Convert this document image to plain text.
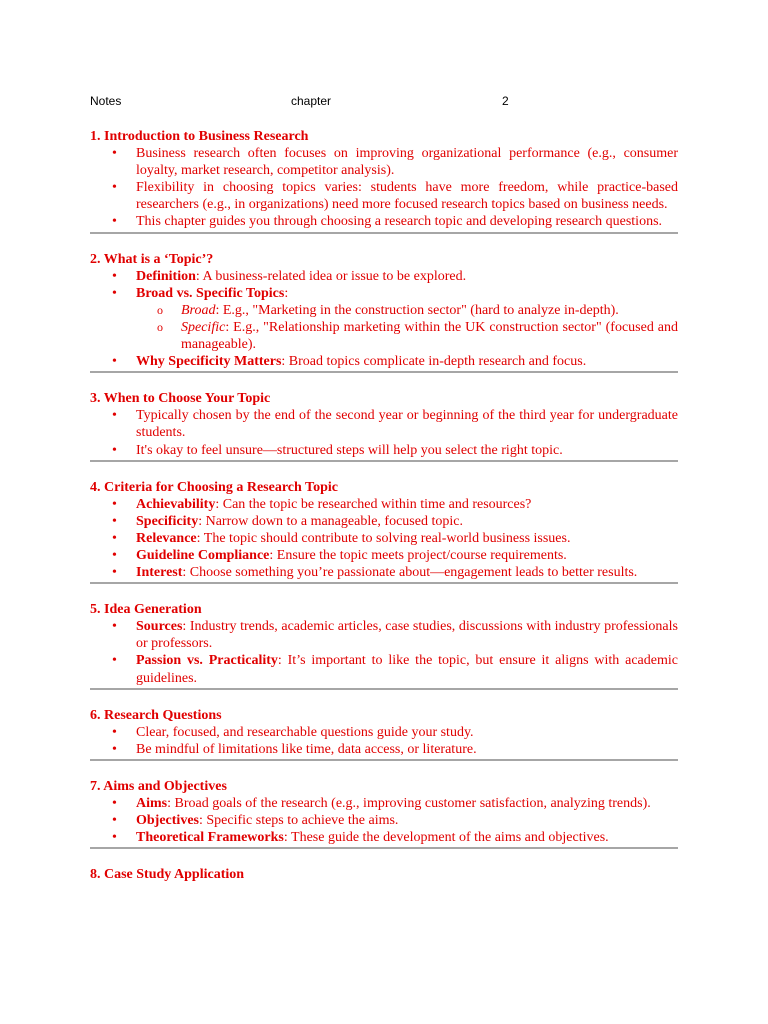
Notes	chapter	2
1. Introduction to Business Research
• Business research often focuses on improving organizational performance (e.g., consumer loyalty, market research, competitor analysis).
• Flexibility in choosing topics varies: students have more freedom, while practice-based researchers (e.g., in organizations) need more focused research topics based on business needs.
• This chapter guides you through choosing a research topic and developing research questions.
2. What is a ‘Topic’?
• Definition: A business-related idea or issue to be explored.
• Broad vs. Specific Topics:
o Broad: E.g., "Marketing in the construction sector" (hard to analyze in-depth).
o Specific: E.g., "Relationship marketing within the UK construction sector" (focused and manageable).
• Why Specificity Matters: Broad topics complicate in-depth research and focus.
3. When to Choose Your Topic
• Typically chosen by the end of the second year or beginning of the third year for undergraduate students.
• It's okay to feel unsure—structured steps will help you select the right topic.
4. Criteria for Choosing a Research Topic
• Achievability: Can the topic be researched within time and resources?
• Specificity: Narrow down to a manageable, focused topic.
• Relevance: The topic should contribute to solving real-world business issues.
• Guideline Compliance: Ensure the topic meets project/course requirements.
• Interest: Choose something you’re passionate about—engagement leads to better results.
5. Idea Generation
• Sources: Industry trends, academic articles, case studies, discussions with industry professionals or professors.
• Passion vs. Practicality: It’s important to like the topic, but ensure it aligns with academic guidelines.
6. Research Questions
• Clear, focused, and researchable questions guide your study.
• Be mindful of limitations like time, data access, or literature.
7. Aims and Objectives
• Aims: Broad goals of the research (e.g., improving customer satisfaction, analyzing trends).
• Objectives: Specific steps to achieve the aims.
• Theoretical Frameworks: These guide the development of the aims and objectives.
8. Case Study Application
